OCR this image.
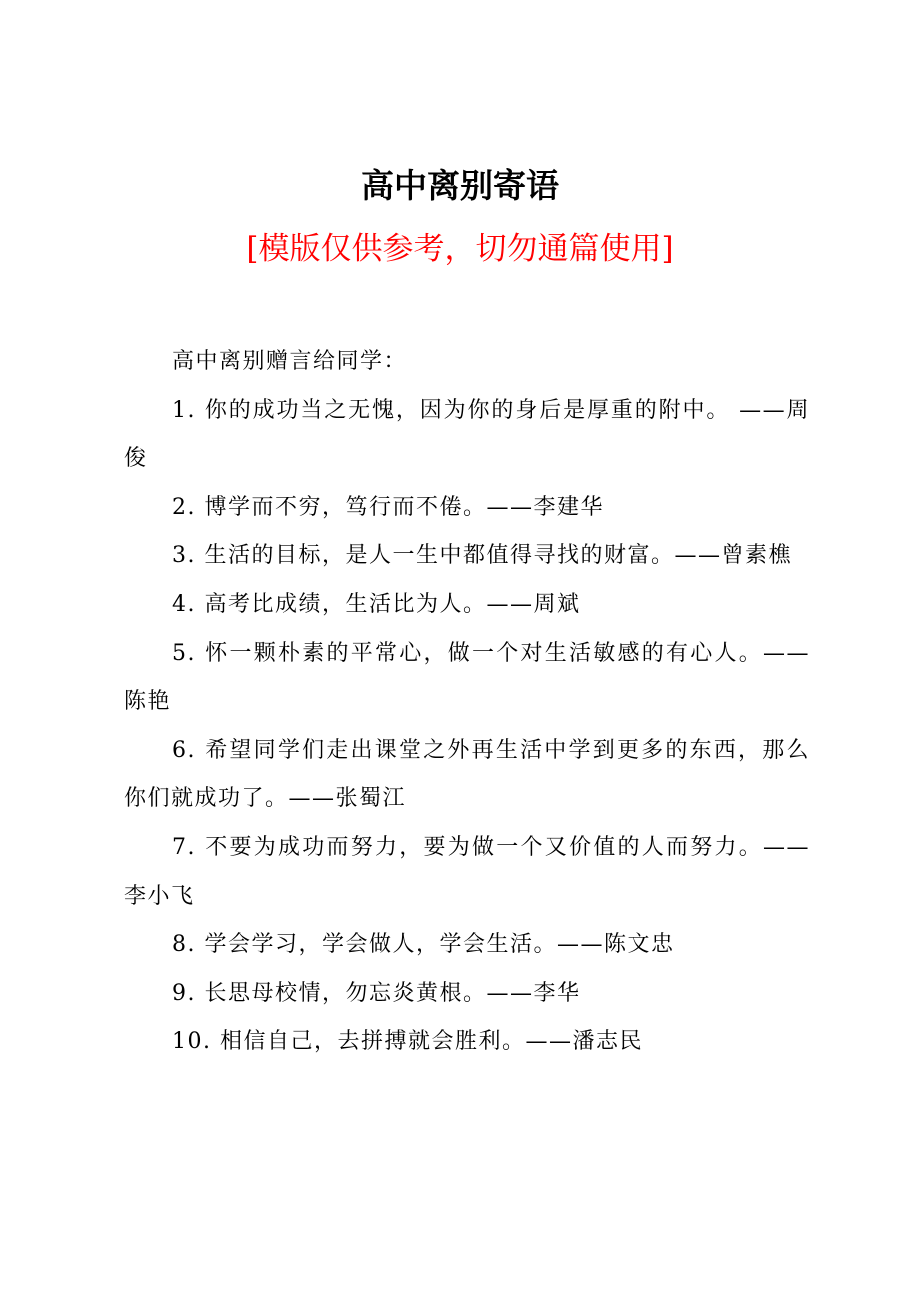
高中离别寄语
[模版仅供参考，切勿通篇使用]

高中离别赠言给同学：

1. 你的成功当之无愧，因为你的身后是厚重的附中。 ——周俊

2. 博学而不穷，笃行而不倦。——李建华

3. 生活的目标，是人一生中都值得寻找的财富。——曾素樵

4. 高考比成绩，生活比为人。——周斌

5. 怀一颗朴素的平常心，做一个对生活敏感的有心人。——陈艳

6. 希望同学们走出课堂之外再生活中学到更多的东西，那么你们就成功了。——张蜀江

7. 不要为成功而努力，要为做一个又价值的人而努力。——李小飞

8. 学会学习，学会做人，学会生活。——陈文忠

9. 长思母校情，勿忘炎黄根。——李华

10. 相信自己，去拼搏就会胜利。——潘志民
